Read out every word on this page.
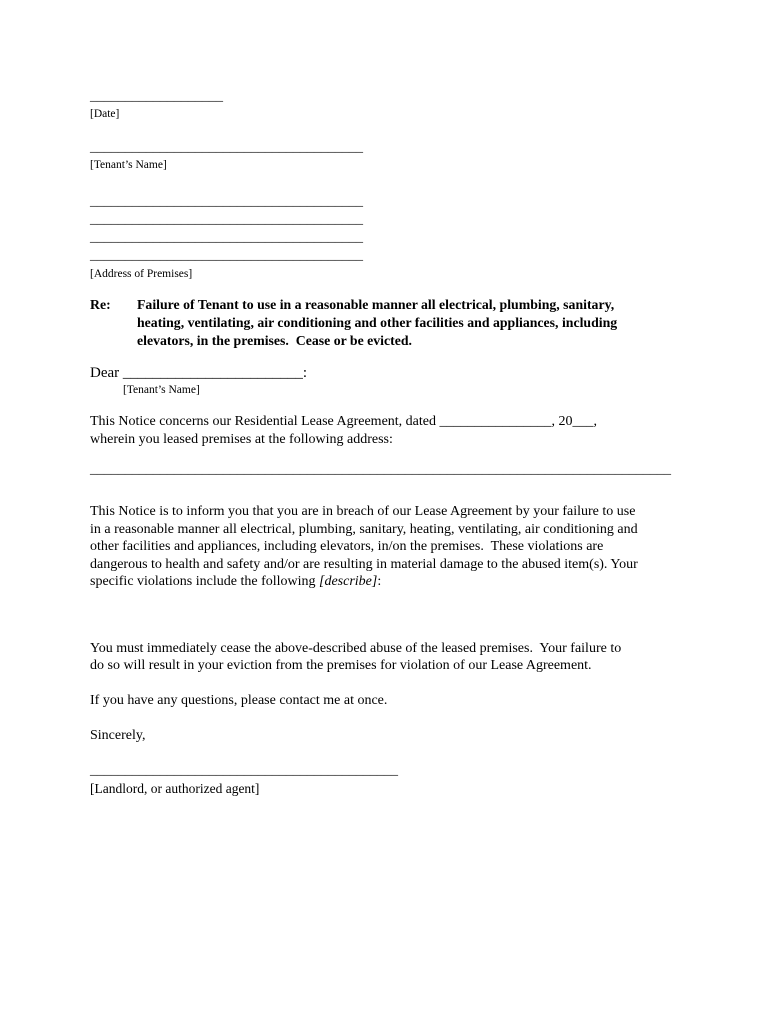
___________________
[Date]
_______________________________________
[Tenant’s Name]
_______________________________________
_______________________________________
_______________________________________
_______________________________________
[Address of Premises]
Re:	Failure of Tenant to use in a reasonable manner all electrical, plumbing, sanitary,
heating, ventilating, air conditioning and other facilities and appliances, including
elevators, in the premises.  Cease or be evicted.
Dear ________________________:
[Tenant’s Name]
This Notice concerns our Residential Lease Agreement, dated ________________, 20___,
wherein you leased premises at the following address:
___________________________________________________________________________________
This Notice is to inform you that you are in breach of our Lease Agreement by your failure to use
in a reasonable manner all electrical, plumbing, sanitary, heating, ventilating, air conditioning and
other facilities and appliances, including elevators, in/on the premises.  These violations are
dangerous to health and safety and/or are resulting in material damage to the abused item(s). Your
specific violations include the following [describe]:
You must immediately cease the above-described abuse of the leased premises.  Your failure to
do so will result in your eviction from the premises for violation of our Lease Agreement.
If you have any questions, please contact me at once.
Sincerely,
____________________________________________
[Landlord, or authorized agent]
